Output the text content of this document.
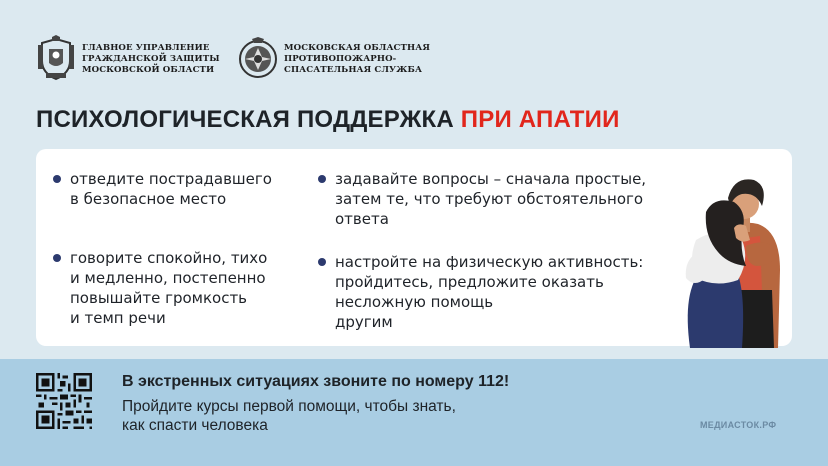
ГЛАВНОЕ УПРАВЛЕНИЕ
ГРАЖДАНСКОЙ ЗАЩИТЫ
МОСКОВСКОЙ ОБЛАСТИ
МОСКОВСКАЯ ОБЛАСТНАЯ
ПРОТИВОПОЖАРНО-
СПАСАТЕЛЬНАЯ СЛУЖБА
ПСИХОЛОГИЧЕСКАЯ ПОДДЕРЖКА ПРИ АПАТИИ
отведите пострадавшего
в безопасное место
говорите спокойно, тихо
и медленно, постепенно
повышайте громкость
и темп речи
задавайте вопросы – сначала простые,
затем те, что требуют обстоятельного
ответа
настройте на физическую активность:
пройдитесь, предложите оказать
несложную помощь
другим
В экстренных ситуациях звоните по номеру 112!
Пройдите курсы первой помощи, чтобы знать,
как спасти человека	МЕДИАСТОК.РФ
